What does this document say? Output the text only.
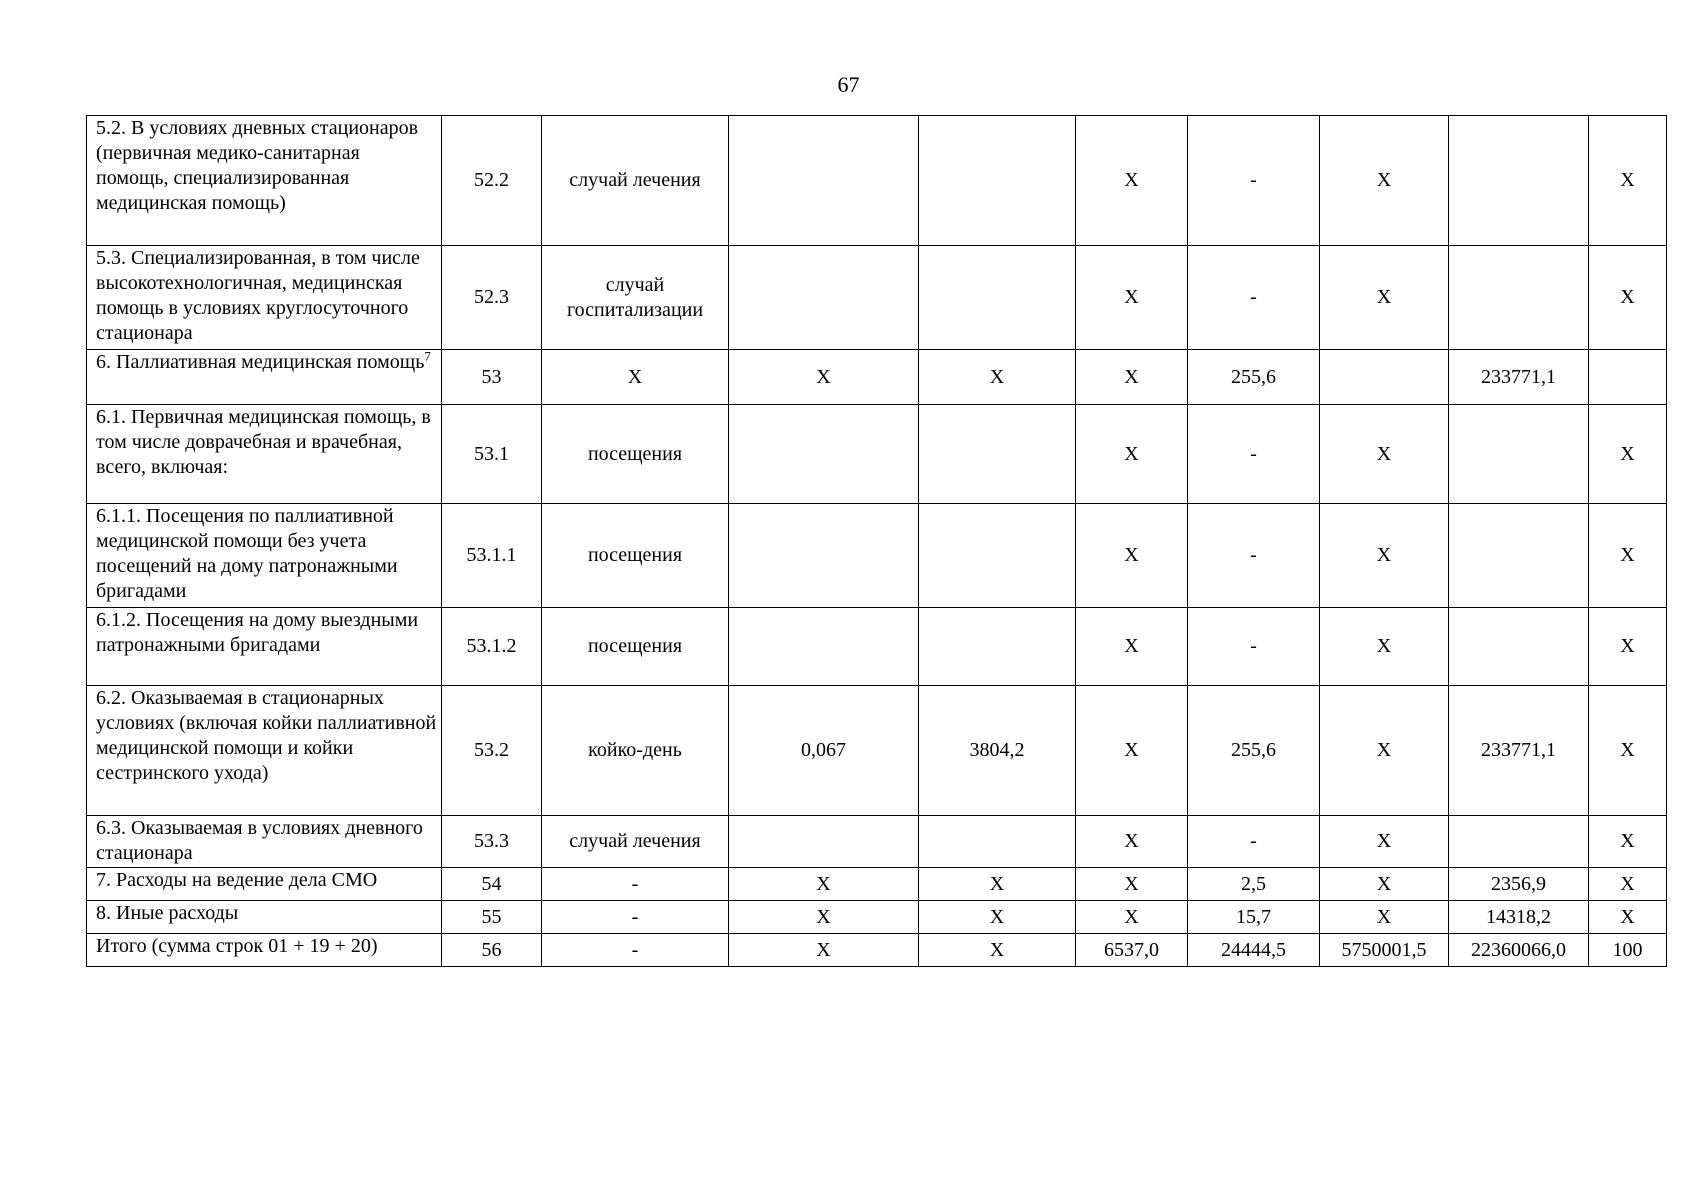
67
5.2. В условиях дневных стационаров (первичная медико-санитарная помощь, специализированная медицинская помощь)	52.2	случай лечения			X	-	X		X
5.3. Специализированная, в том числе высокотехнологичная, медицинская помощь в условиях круглосуточного стационара	52.3	случай госпитализации			X	-	X		X
6. Паллиативная медицинская помощь$^7$	53	X	X	X	X	255,6		233771,1	
6.1. Первичная медицинская помощь, в том числе доврачебная и врачебная, всего, включая:	53.1	посещения			X	-	X		X
6.1.1. Посещения по паллиативной медицинской помощи без учета посещений на дому патронажными бригадами	53.1.1	посещения			X	-	X		X
6.1.2. Посещения на дому выездными патронажными бригадами	53.1.2	посещения			X	-	X		X
6.2. Оказываемая в стационарных условиях (включая койки паллиативной медицинской помощи и койки сестринского ухода)	53.2	койко-день	0,067	3804,2	X	255,6	X	233771,1	X
6.3. Оказываемая в условиях дневного стационара	53.3	случай лечения			X	-	X		X
7. Расходы на ведение дела СМО	54	-	X	X	X	2,5	X	2356,9	X
8. Иные расходы	55	-	X	X	X	15,7	X	14318,2	X
Итого (сумма строк 01 + 19 + 20)	56	-	X	X	6537,0	24444,5	5750001,5	22360066,0	100
